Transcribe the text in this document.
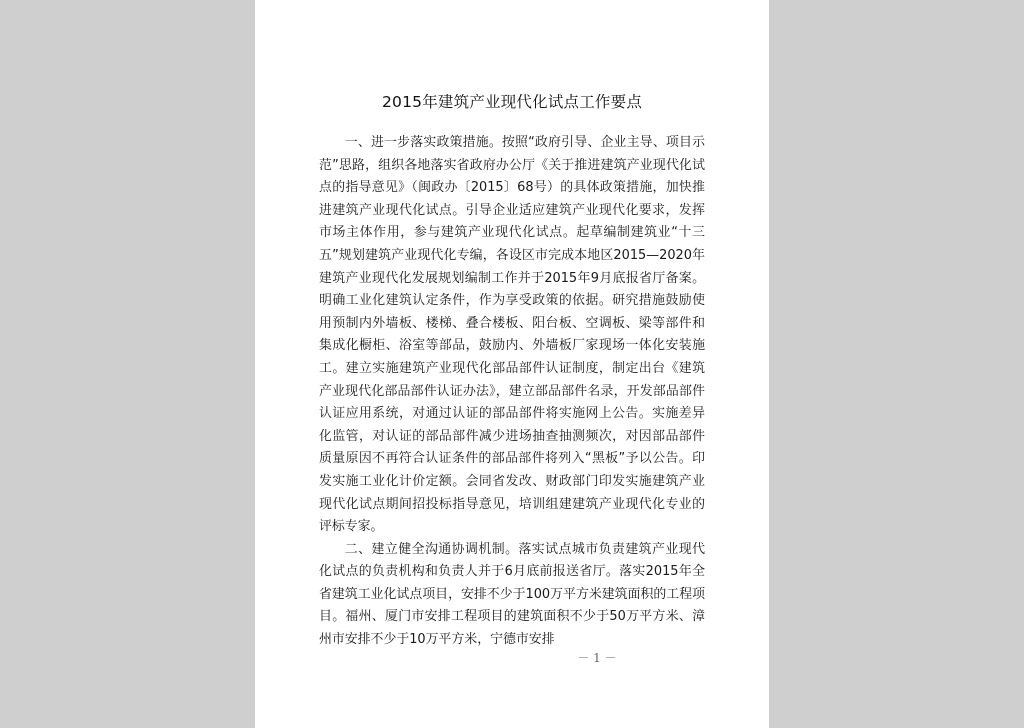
2015年建筑产业现代化试点工作要点

一、进一步落实政策措施。按照“政府引导、企业主导、项目示范”思路，组织各地落实省政府办公厅《关于推进建筑产业现代化试点的指导意见》（闽政办〔2015〕68号）的具体政策措施，加快推进建筑产业现代化试点。引导企业适应建筑产业现代化要求，发挥市场主体作用，参与建筑产业现代化试点。起草编制建筑业“十三五”规划建筑产业现代化专编，各设区市完成本地区2015—2020年建筑产业现代化发展规划编制工作并于2015年9月底报省厅备案。明确工业化建筑认定条件，作为享受政策的依据。研究措施鼓励使用预制内外墙板、楼梯、叠合楼板、阳台板、空调板、梁等部件和集成化橱柜、浴室等部品，鼓励内、外墙板厂家现场一体化安装施工。建立实施建筑产业现代化部品部件认证制度，制定出台《建筑产业现代化部品部件认证办法》，建立部品部件名录，开发部品部件认证应用系统，对通过认证的部品部件将实施网上公告。实施差异化监管，对认证的部品部件减少进场抽查抽测频次，对因部品部件质量原因不再符合认证条件的部品部件将列入“黑板”予以公告。印发实施工业化计价定额。会同省发改、财政部门印发实施建筑产业现代化试点期间招投标指导意见，培训组建建筑产业现代化专业的评标专家。

二、建立健全沟通协调机制。落实试点城市负责建筑产业现代化试点的负责机构和负责人并于6月底前报送省厅。落实2015年全省建筑工业化试点项目，安排不少于100万平方米建筑面积的工程项目。福州、厦门市安排工程项目的建筑面积不少于50万平方米、漳州市安排不少于10万平方米，宁德市安排

－ 1 －
